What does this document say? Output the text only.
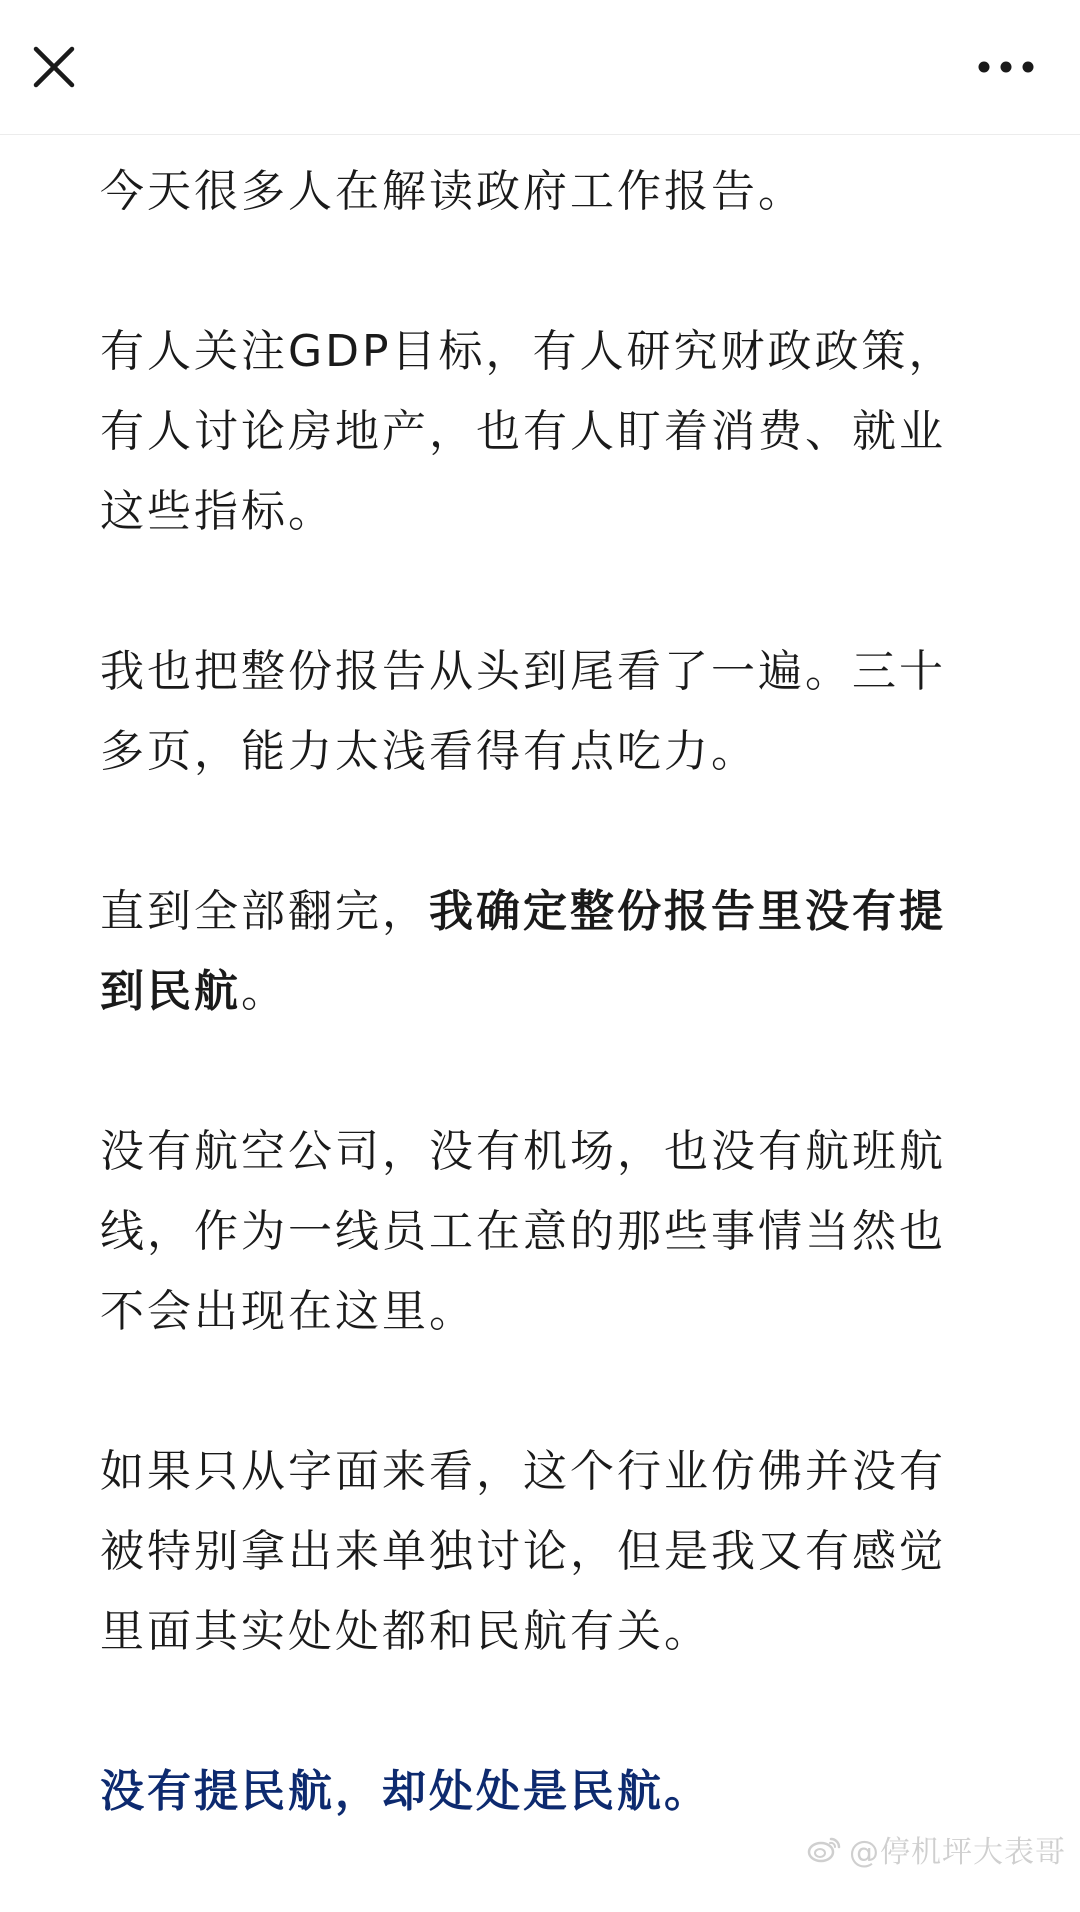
今天很多人在解读政府工作报告。

有人关注GDP目标，有人研究财政政策，有人讨论房地产，也有人盯着消费、就业这些指标。

我也把整份报告从头到尾看了一遍。三十多页，能力太浅看得有点吃力。

直到全部翻完，我确定整份报告里没有提到民航。

没有航空公司，没有机场，也没有航班航线，作为一线员工在意的那些事情当然也不会出现在这里。

如果只从字面来看，这个行业仿佛并没有被特别拿出来单独讨论，但是我又有感觉里面其实处处都和民航有关。

没有提民航，却处处是民航。

@停机坪大表哥
